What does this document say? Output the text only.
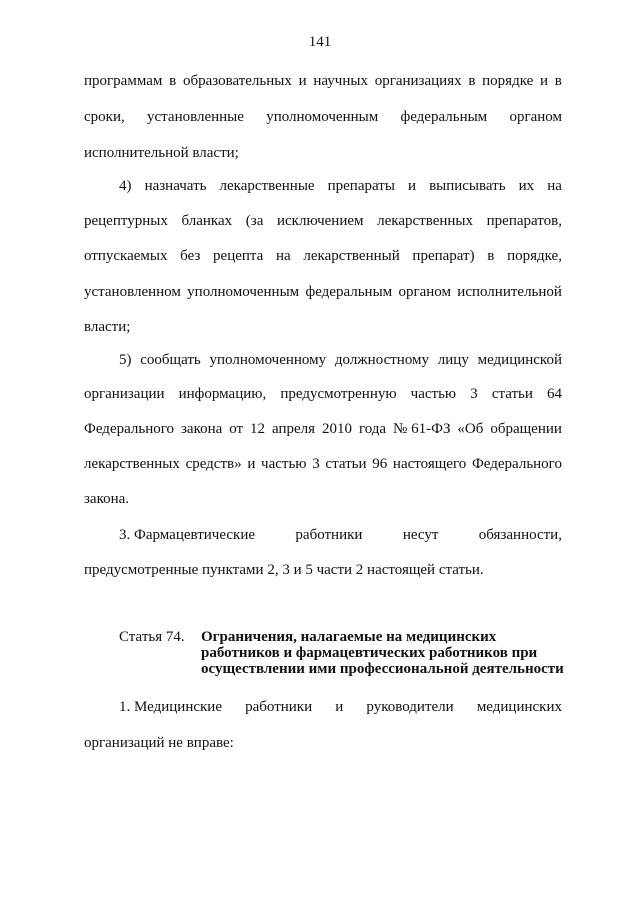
141
программам в образовательных и научных организациях в порядке и в
сроки, установленные уполномоченным федеральным органом
исполнительной власти;
4) назначать лекарственные препараты и выписывать их на
рецептурных бланках (за исключением лекарственных препаратов,
отпускаемых без рецепта на лекарственный препарат) в порядке,
установленном уполномоченным федеральным органом исполнительной
власти;
5) сообщать уполномоченному должностному лицу медицинской
организации информацию, предусмотренную частью 3 статьи 64
Федерального закона от 12 апреля 2010 года № 61-ФЗ «Об обращении
лекарственных средств» и частью 3 статьи 96 настоящего Федерального
закона.
3. Фармацевтические	работники	несут	обязанности,
предусмотренные пунктами 2, 3 и 5 части 2 настоящей статьи.
Статья 74. Ограничения, налагаемые на медицинских
работников и фармацевтических работников при
осуществлении ими профессиональной деятельности
1. Медицинские работники и руководители медицинских
организаций не вправе:
